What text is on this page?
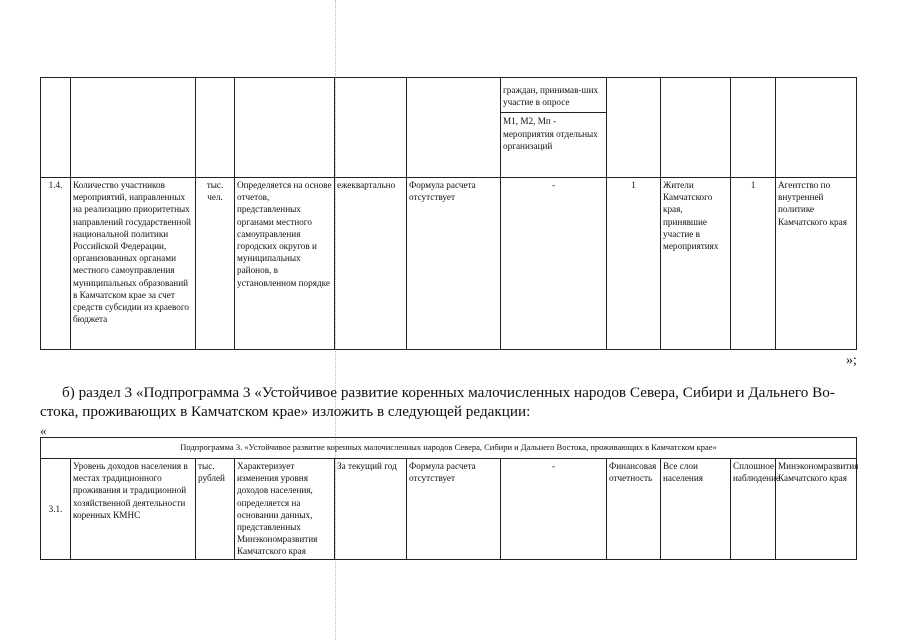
						граждан, принимав-ших участие в опросе
М1, М2, Мп - мероприятия отдельных организаций				

1.4.	Количество участников мероприятий, направленных на реализацию приоритетных направлений государственной национальной политики Российской Федерации, организованных органами местного самоуправления муниципальных образований в Камчатском крае за счет средств субсидии из краевого бюджета	тыс. чел.	Определяется на основе отчетов, представленных органами местного самоуправления городских округов и муниципальных районов, в установленном порядке	ежеквартально	Формула расчета отсутствует	-	1	Жители Камчатского края, принявшие участие в мероприятиях	1	Агентство по внутренней политике Камчатского края
»;
б) раздел 3 «Подпрограмма 3 «Устойчивое развитие коренных малочисленных народов Севера, Сибири и Дальнего Во-
стока, проживающих в Камчатском крае» изложить в следующей редакции:
«
Подпрограмма 3. «Устойчивое развитие коренных малочисленных народов Севера, Сибири и Дальнего Востока, проживающих в Камчатском крае»
3.1.	Уровень доходов населения в местах традиционного проживания и традиционной хозяйственной деятельности коренных КМНС	тыс. рублей	Характеризует изменения уровня доходов населения, определяется на основании данных, представленных Минэкономразвития Камчатского края	За текущий год	Формула расчета отсутствует	-	Финансовая отчетность	Все слои населения	Сплошное наблюдение	Минэкономразвития Камчатского края
